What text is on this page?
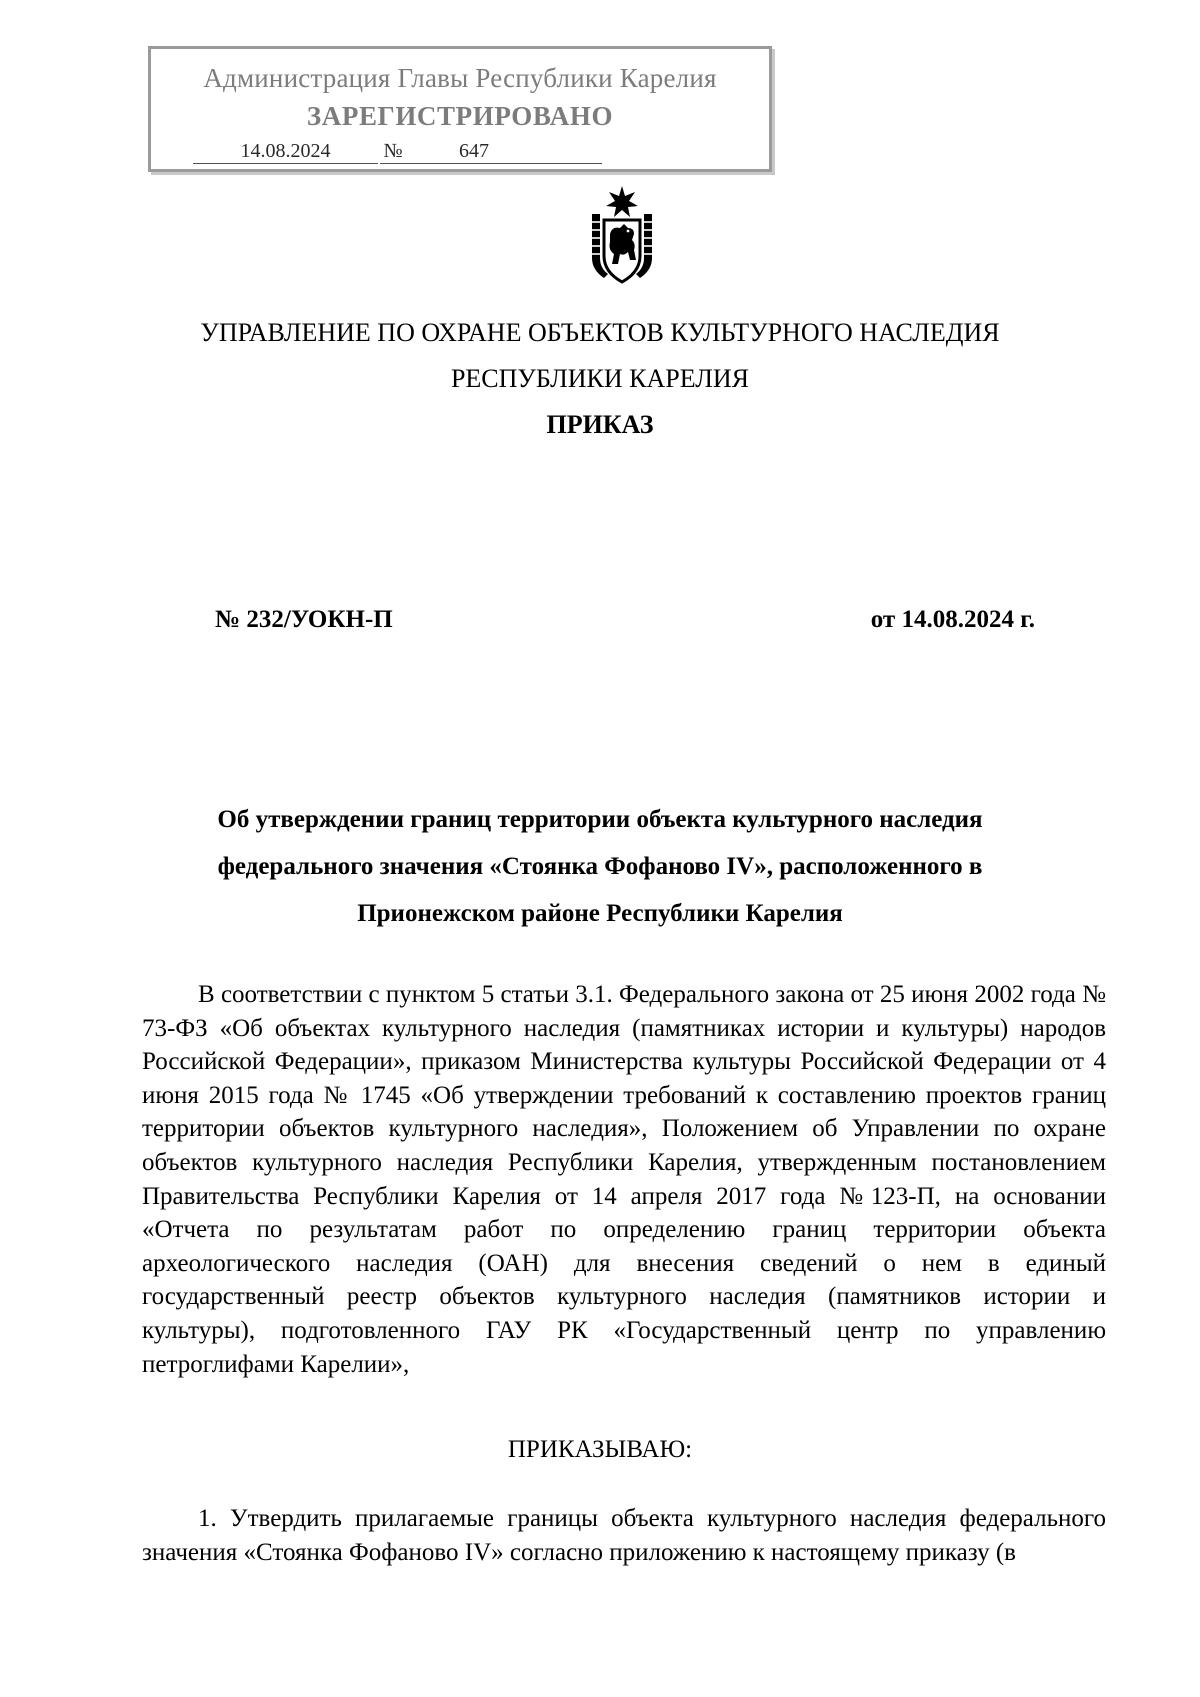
Администрация Главы Республики Карелия
ЗАРЕГИСТРИРОВАНО
14.08.2024	№	647
УПРАВЛЕНИЕ ПО ОХРАНЕ ОБЪЕКТОВ КУЛЬТУРНОГО НАСЛЕДИЯ
РЕСПУБЛИКИ КАРЕЛИЯ
ПРИКАЗ
№ 232/УОКН-П	от 14.08.2024 г.
Об утверждении границ территории объекта культурного наследия
федерального значения «Стоянка Фофаново IV», расположенного в
Прионежском районе Республики Карелия
В соответствии с пунктом 5 статьи 3.1. Федерального закона от 25 июня 2002 года № 73-ФЗ «Об объектах культурного наследия (памятниках истории и культуры) народов Российской Федерации», приказом Министерства культуры Российской Федерации от 4 июня 2015 года № 1745 «Об утверждении требований к составлению проектов границ территории объектов культурного наследия», Положением об Управлении по охране объектов культурного наследия Республики Карелия, утвержденным постановлением Правительства Республики Карелия от 14 апреля 2017 года №123-П, на основании «Отчета по результатам работ по определению границ территории объекта археологического наследия (ОАН) для внесения сведений о нем в единый государственный реестр объектов культурного наследия (памятников истории и культуры), подготовленного ГАУ РК «Государственный центр по управлению петроглифами Карелии»,
ПРИКАЗЫВАЮ:
1. Утвердить прилагаемые границы объекта культурного наследия федерального значения «Стоянка Фофаново IV» согласно приложению к настоящему приказу (в
